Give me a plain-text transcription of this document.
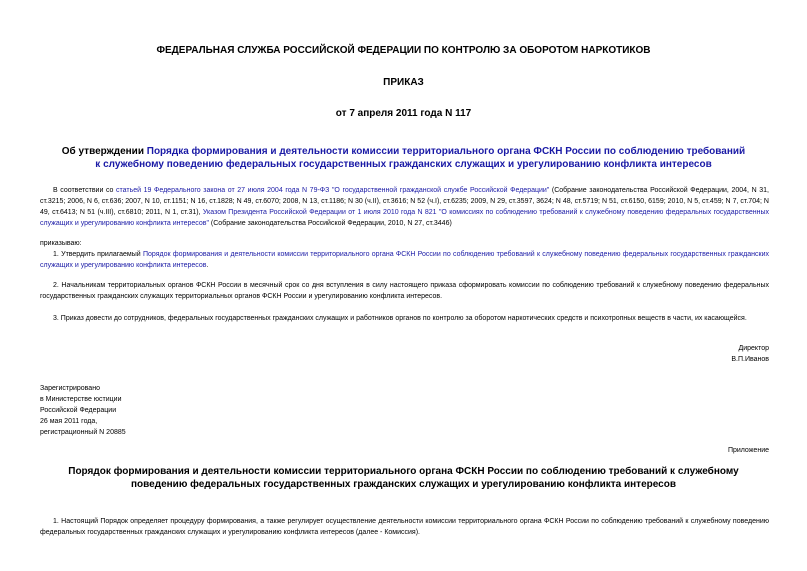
ФЕДЕРАЛЬНАЯ СЛУЖБА РОССИЙСКОЙ ФЕДЕРАЦИИ ПО КОНТРОЛЮ ЗА ОБОРОТОМ НАРКОТИКОВ
ПРИКАЗ
от 7 апреля 2011 года N 117
Об утверждении Порядка формирования и деятельности комиссии территориального органа ФСКН России по соблюдению требований к служебному поведению федеральных государственных гражданских служащих и урегулированию конфликта интересов
В соответствии со статьей 19 Федерального закона от 27 июля 2004 года N 79-ФЗ "О государственной гражданской службе Российской Федерации" (Собрание законодательства Российской Федерации, 2004, N 31, ст.3215; 2006, N 6, ст.636; 2007, N 10, ст.1151; N 16, ст.1828; N 49, ст.6070; 2008, N 13, ст.1186; N 30 (ч.II), ст.3616; N 52 (ч.I), ст.6235; 2009, N 29, ст.3597, 3624; N 48, ст.5719; N 51, ст.6150, 6159; 2010, N 5, ст.459; N 7, ст.704; N 49, ст.6413; N 51 (ч.III), ст.6810; 2011, N 1, ст.31), Указом Президента Российской Федерации от 1 июля 2010 года N 821 "О комиссиях по соблюдению требований к служебному поведению федеральных государственных служащих и урегулированию конфликта интересов" (Собрание законодательства Российской Федерации, 2010, N 27, ст.3446)
приказываю:
1. Утвердить прилагаемый Порядок формирования и деятельности комиссии территориального органа ФСКН России по соблюдению требований к служебному поведению федеральных государственных гражданских служащих и урегулированию конфликта интересов.
2. Начальникам территориальных органов ФСКН России в месячный срок со дня вступления в силу настоящего приказа сформировать комиссии по соблюдению требований к служебному поведению федеральных государственных гражданских служащих территориальных органов ФСКН России и урегулированию конфликта интересов.
3. Приказ довести до сотрудников, федеральных государственных гражданских служащих и работников органов по контролю за оборотом наркотических средств и психотропных веществ в части, их касающейся.
Директор
В.П.Иванов
Зарегистрировано
в Министерстве юстиции
Российской Федерации
26 мая 2011 года,
регистрационный N 20885
Приложение
Порядок формирования и деятельности комиссии территориального органа ФСКН России по соблюдению требований к служебному поведению федеральных государственных гражданских служащих и урегулированию конфликта интересов
1. Настоящий Порядок определяет процедуру формирования, а также регулирует осуществление деятельности комиссии территориального органа ФСКН России по соблюдению требований к служебному поведению федеральных государственных гражданских служащих и урегулированию конфликта интересов (далее - Комиссия).
